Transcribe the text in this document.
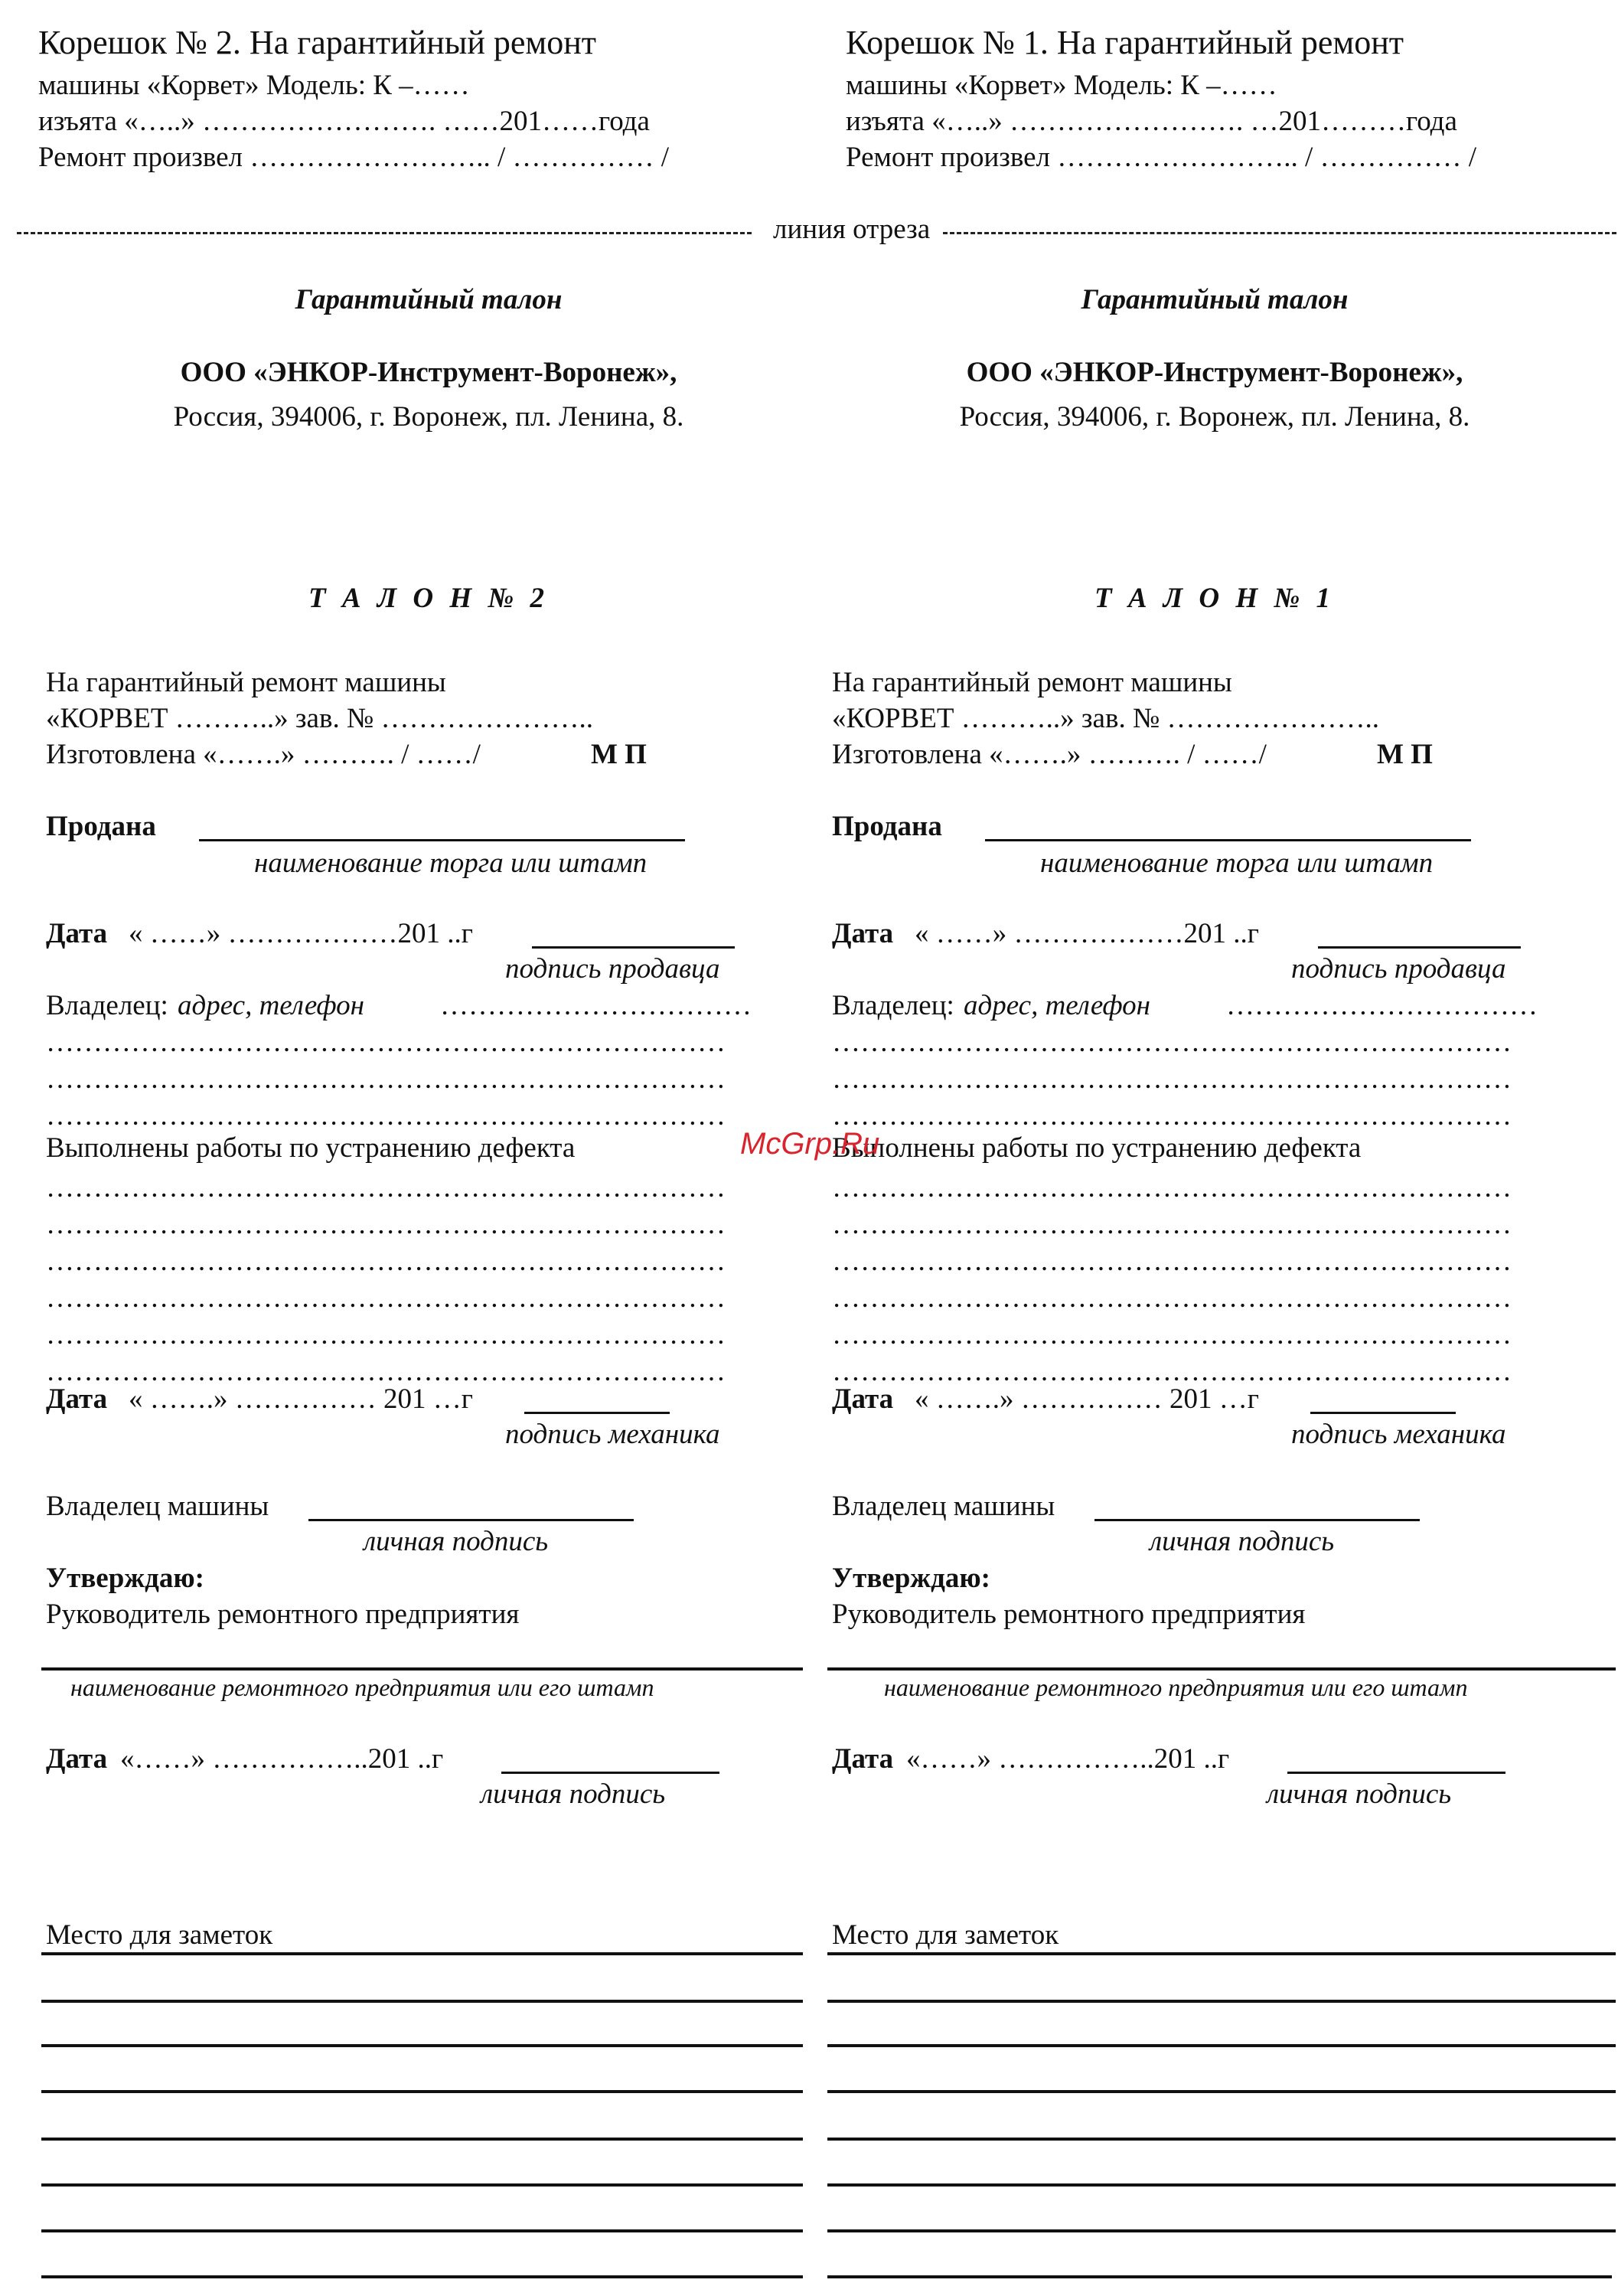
Корешок № 2. На гарантийный ремонт
машины «Корвет» Модель: К –……
изъята «…..» ……………………. ……201……года
Ремонт произвел …………………….. / …………… /
Корешок № 1. На гарантийный ремонт
машины «Корвет» Модель: К –……
изъята «…..» ……………………. …201………года
Ремонт произвел …………………….. / …………… /
линия отреза
Гарантийный талон
ООО «ЭНКОР-Инструмент-Воронеж»,
Россия, 394006, г. Воронеж, пл. Ленина, 8.
Т А Л О Н № 2
На гарантийный ремонт машины
«КОРВЕТ ………..» зав. № …………………..
Изготовлена «…….» ………. / ……/	М П
Продана
наименование торга или штамп
Дата « ……» ………………201 ..г
подпись продавца
Владелец: адрес, телефон	……………………………
………………………………………………………………
………………………………………………………………
………………………………………………………………
Выполнены работы по устранению дефекта
………………………………………………………………
………………………………………………………………
………………………………………………………………
………………………………………………………………
………………………………………………………………
………………………………………………………………
Дата « …….» …………… 201 …г
подпись механика
Владелец машины
личная подпись
Утверждаю:
Руководитель ремонтного предприятия
наименование ремонтного предприятия или его штамп
Дата «……» ……………..201 ..г
личная подпись
Место для заметок
Гарантийный талон
ООО «ЭНКОР-Инструмент-Воронеж»,
Россия, 394006, г. Воронеж, пл. Ленина, 8.
Т А Л О Н № 1
На гарантийный ремонт машины
«КОРВЕТ ………..» зав. № …………………..
Изготовлена «…….» ………. / ……/	М П
Продана
наименование торга или штамп
Дата « ……» ………………201 ..г
подпись продавца
Владелец: адрес, телефон	……………………………
………………………………………………………………
………………………………………………………………
………………………………………………………………
Выполнены работы по устранению дефекта
………………………………………………………………
………………………………………………………………
………………………………………………………………
………………………………………………………………
………………………………………………………………
………………………………………………………………
Дата « …….» …………… 201 …г
подпись механика
Владелец машины
личная подпись
Утверждаю:
Руководитель ремонтного предприятия
наименование ремонтного предприятия или его штамп
Дата «……» ……………..201 ..г
личная подпись
Место для заметок
McGrp.Ru
